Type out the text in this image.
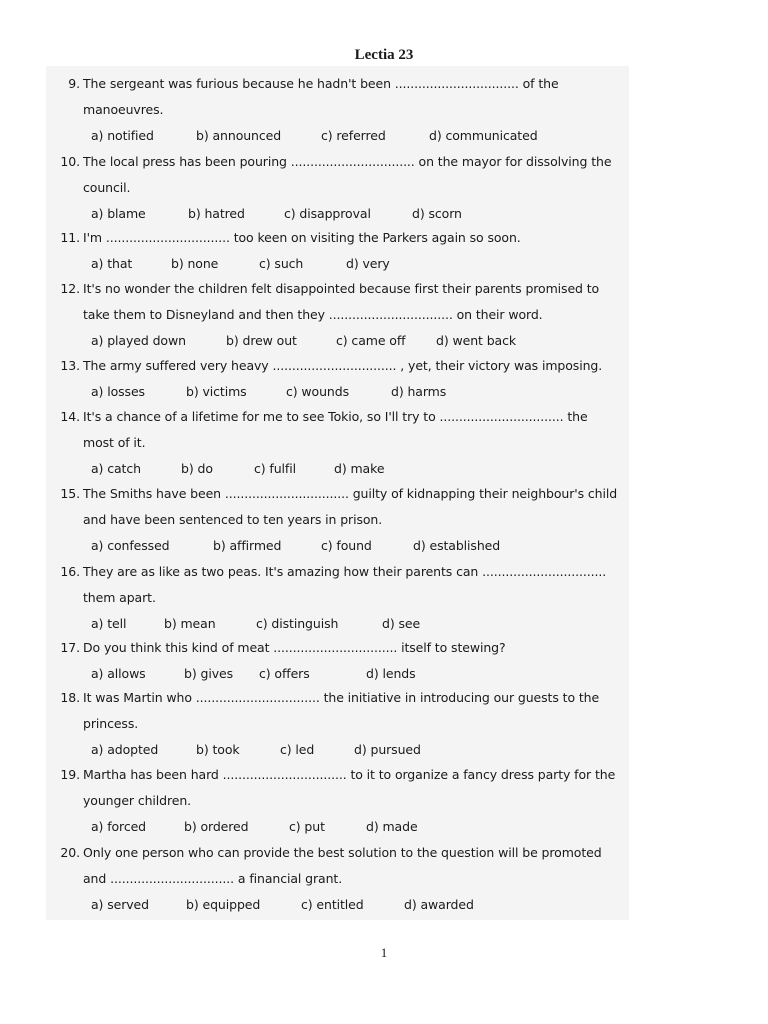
Lectia 23
9. The sergeant was furious because he hadn't been ................................ of the
manoeuvres.
a) notified	b) announced	c) referred	d) communicated
10. The local press has been pouring ................................ on the mayor for dissolving the
council.
a) blame	b) hatred	c) disapproval	d) scorn
11. I'm ................................ too keen on visiting the Parkers again so soon.
a) that	b) none	c) such	d) very
12. It's no wonder the children felt disappointed because first their parents promised to
take them to Disneyland and then they ................................ on their word.
a) played down	b) drew out	c) came off d) went back
13. The army suffered very heavy ................................ , yet, their victory was imposing.
a) losses	b) victims	c) wounds	d) harms
14. It's a chance of a lifetime for me to see Tokio, so I'll try to ................................ the
most of it.
a) catch	b) do	c) fulfil	d) make
15. The Smiths have been ................................ guilty of kidnapping their neighbour's child
and have been sentenced to ten years in prison.
a) confessed	b) affirmed	c) found	d) established
16. They are as like as two peas. It's amazing how their parents can ................................
them apart.
a) tell	b) mean	c) distinguish	d) see
17. Do you think this kind of meat ................................ itself to stewing?
a) allows	b) gives c) offers	d) lends
18. It was Martin who ................................ the initiative in introducing our guests to the
princess.
a) adopted	b) took	c) led	d) pursued
19. Martha has been hard ................................ to it to organize a fancy dress party for the
younger children.
a) forced	b) ordered	c) put	d) made
20. Only one person who can provide the best solution to the question will be promoted
and ................................ a financial grant.
a) served	b) equipped	c) entitled	d) awarded
1
